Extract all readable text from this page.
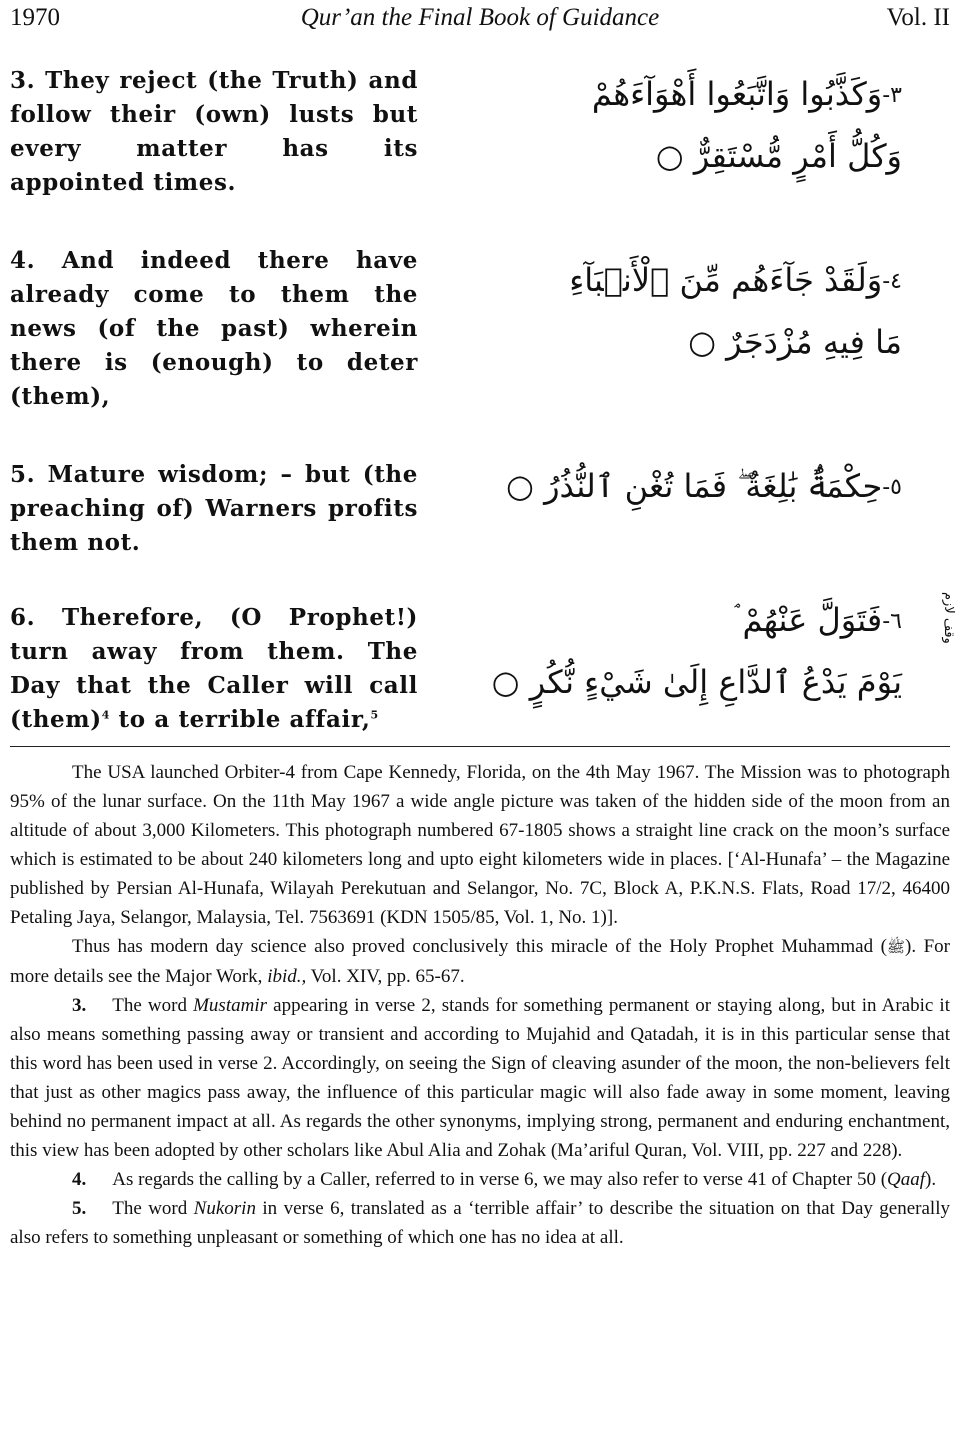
1970	Qur’an the Final Book of Guidance	Vol. II

3. They reject (the Truth) and follow their (own) lusts but every matter has its appointed times.

٣-وَكَذَّبُوا وَاتَّبَعُوا أَهْوَآءَهُمْ
وَكُلُّ أَمْرٍ مُّسْتَقِرٌّ ○

4. And indeed there have already come to them the news (of the past) wherein there is (enough) to deter (them),

٤-وَلَقَدْ جَآءَهُم مِّنَ ٱلْأَنۢبَآءِ
مَا فِيهِ مُزْدَجَرٌ ○

5. Mature wisdom; – but (the preaching of) Warners profits them not.

٥-حِكْمَةٌۢ بَٰلِغَةٌ ۖ فَمَا تُغْنِ ٱلنُّذُرُ ○

6. Therefore, (O Prophet!) turn away from them. The Day that the Caller will call (them)$^4$ to a terrible affair,$^5$

٦-فَتَوَلَّ عَنْهُمْ ۘ
يَوْمَ يَدْعُ ٱلدَّاعِ إِلَىٰ شَيْءٍ نُّكُرٍ ○
وقف لازم

The USA launched Orbiter-4 from Cape Kennedy, Florida, on the 4th May 1967. The Mission was to photograph 95% of the lunar surface. On the 11th May 1967 a wide angle picture was taken of the hidden side of the moon from an altitude of about 3,000 Kilometers. This photograph numbered 67-1805 shows a straight line crack on the moon’s surface which is estimated to be about 240 kilometers long and upto eight kilometers wide in places. [‘Al-Hunafa’ – the Magazine published by Persian Al-Hunafa, Wilayah Perekutuan and Selangor, No. 7C, Block A, P.K.N.S. Flats, Road 17/2, 46400 Petaling Jaya, Selangor, Malaysia, Tel. 7563691 (KDN 1505/85, Vol. 1, No. 1)].

Thus has modern day science also proved conclusively this miracle of the Holy Prophet Muhammad (ﷺ). For more details see the Major Work, ibid., Vol. XIV, pp. 65-67.

3. The word Mustamir appearing in verse 2, stands for something permanent or staying along, but in Arabic it also means something passing away or transient and according to Mujahid and Qatadah, it is in this particular sense that this word has been used in verse 2. Accordingly, on seeing the Sign of cleaving asunder of the moon, the non-believers felt that just as other magics pass away, the influence of this particular magic will also fade away in some moment, leaving behind no permanent impact at all. As regards the other synonyms, implying strong, permanent and enduring enchantment, this view has been adopted by other scholars like Abul Alia and Zohak (Ma’ariful Quran, Vol. VIII, pp. 227 and 228).

4. As regards the calling by a Caller, referred to in verse 6, we may also refer to verse 41 of Chapter 50 (Qaaf).

5. The word Nukorin in verse 6, translated as a ‘terrible affair’ to describe the situation on that Day generally also refers to something unpleasant or something of which one has no idea at all.
